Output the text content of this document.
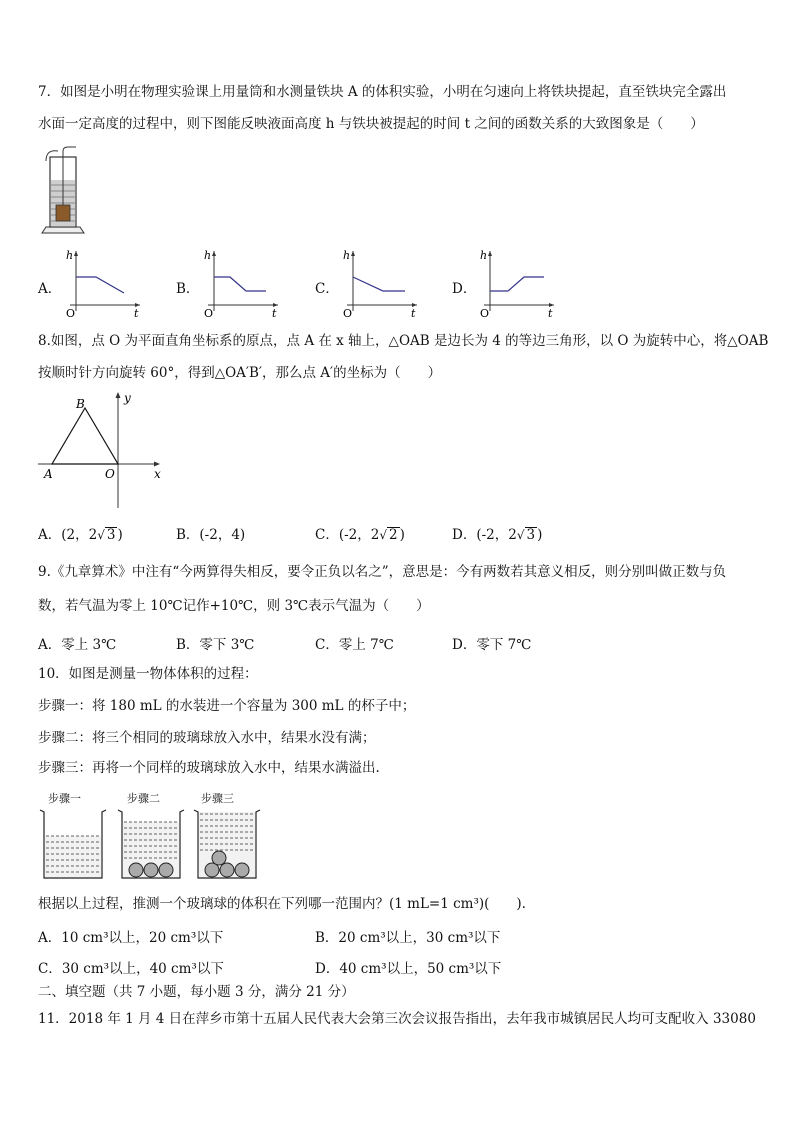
7．如图是小明在物理实验课上用量筒和水测量铁块 A 的体积实验，小明在匀速向上将铁块提起，直至铁块完全露出
水面一定高度的过程中，则下图能反映液面高度 h 与铁块被提起的时间 t 之间的函数关系的大致图象是（　　）
A．
h
t
O
B．
h
t
O
C．
h
t
O
D．
h
t
O
8.如图，点 O 为平面直角坐标系的原点，点 A 在 x 轴上，△OAB 是边长为 4 的等边三角形，以 O 为旋转中心，将△OAB
按顺时针方向旋转 60°，得到△OA′B′，那么点 A′的坐标为（　　）
B	y
A	O	x
A．(2，2√ 3 )	B．(-2，4)	C．(-2，2√ 2 )	D．(-2，2√ 3 )
9.《九章算术》中注有“今两算得失相反，要令正负以名之”，意思是：今有两数若其意义相反，则分别叫做正数与负
数，若气温为零上 10℃记作+10℃，则 3℃表示气温为（　　）
A．零上 3℃	B．零下 3℃	C．零上 7℃	D．零下 7℃
10．如图是测量一物体体积的过程：
步骤一：将 180 mL 的水装进一个容量为 300 mL 的杯子中；
步骤二：将三个相同的玻璃球放入水中，结果水没有满；
步骤三：再将一个同样的玻璃球放入水中，结果水满溢出.
步骤一	步骤二	步骤三
根据以上过程，推测一个玻璃球的体积在下列哪一范围内？(1 mL=1 cm³)(　　).
A．10 cm³以上，20 cm³以下	B．20 cm³以上，30 cm³以下
C．30 cm³以上，40 cm³以下	D．40 cm³以上，50 cm³以下
二、填空题（共 7 小题，每小题 3 分，满分 21 分）
11．2018 年 1 月 4 日在萍乡市第十五届人民代表大会第三次会议报告指出，去年我市城镇居民人均可支配收入 33080
